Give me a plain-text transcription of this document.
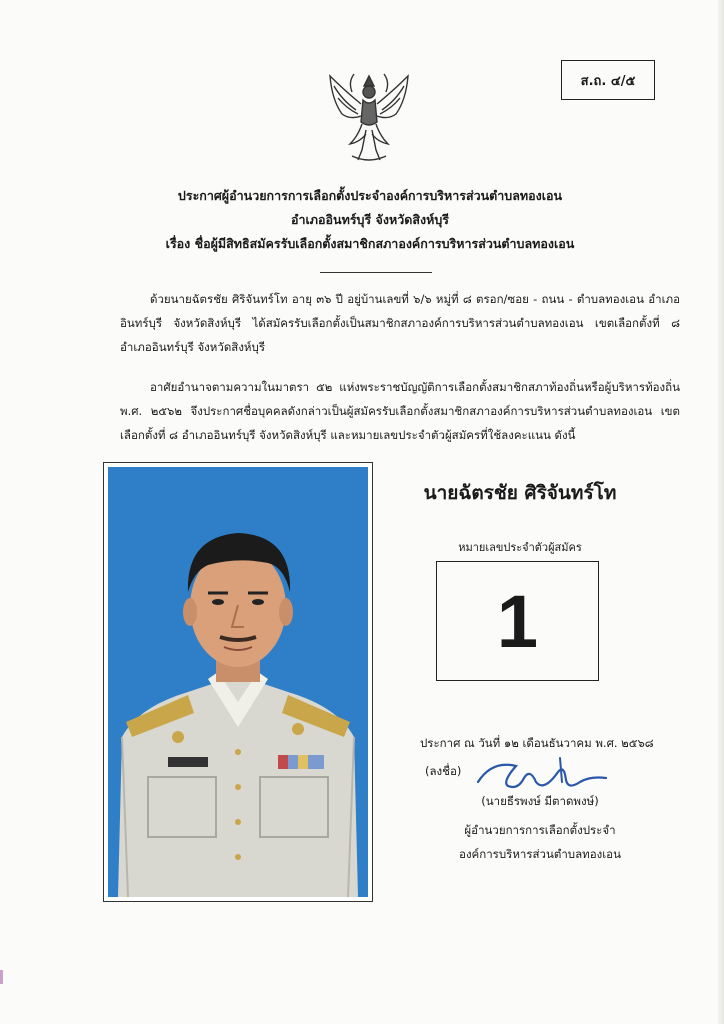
ส.ถ. ๔/๕
ประกาศผู้อำนวยการการเลือกตั้งประจำองค์การบริหารส่วนตำบลทองเอน
อำเภออินทร์บุรี จังหวัดสิงห์บุรี
เรื่อง ชื่อผู้มีสิทธิสมัครรับเลือกตั้งสมาชิกสภาองค์การบริหารส่วนตำบลทองเอน
ด้วยนายฉัตรชัย ศิริจันทร์โท อายุ ๓๖ ปี อยู่บ้านเลขที่ ๖/๖ หมู่ที่ ๘ ตรอก/ซอย - ถนน - ตำบลทองเอน อำเภออินทร์บุรี จังหวัดสิงห์บุรี ได้สมัครรับเลือกตั้งเป็นสมาชิกสภาองค์การบริหารส่วนตำบลทองเอน เขตเลือกตั้งที่ ๘ อำเภออินทร์บุรี จังหวัดสิงห์บุรี
อาศัยอำนาจตามความในมาตรา ๕๒ แห่งพระราชบัญญัติการเลือกตั้งสมาชิกสภาท้องถิ่นหรือผู้บริหารท้องถิ่น พ.ศ. ๒๕๖๒ จึงประกาศชื่อบุคคลดังกล่าวเป็นผู้สมัครรับเลือกตั้งสมาชิกสภาองค์การบริหารส่วนตำบลทองเอน เขตเลือกตั้งที่ ๘ อำเภออินทร์บุรี จังหวัดสิงห์บุรี และหมายเลขประจำตัวผู้สมัครที่ใช้ลงคะแนน ดังนี้
นายฉัตรชัย ศิริจันทร์โท
หมายเลขประจำตัวผู้สมัคร
1
ประกาศ ณ วันที่ ๑๒ เดือนธันวาคม พ.ศ. ๒๕๖๘
(ลงชื่อ)
(นายธีรพงษ์ มีตาดพงษ์)
ผู้อำนวยการการเลือกตั้งประจำ
องค์การบริหารส่วนตำบลทองเอน
